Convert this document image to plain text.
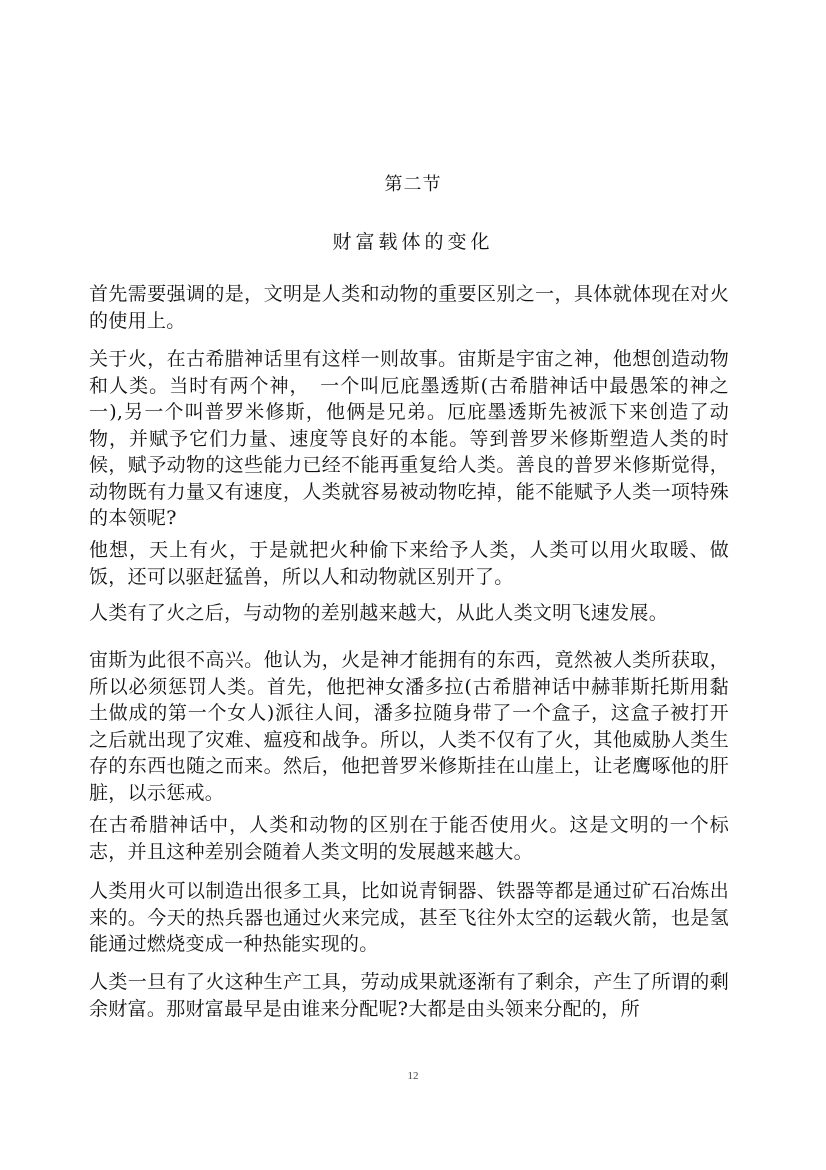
第二节
财富载体的变化

首先需要强调的是，文明是人类和动物的重要区别之一，具体就体现在对火的使用上。

关于火，在古希腊神话里有这样一则故事。宙斯是宇宙之神，他想创造动物和人类。当时有两个神，　一个叫厄庇墨透斯(古希腊神话中最愚笨的神之一),另一个叫普罗米修斯，他俩是兄弟。厄庇墨透斯先被派下来创造了动物，并赋予它们力量、速度等良好的本能。等到普罗米修斯塑造人类的时候，赋予动物的这些能力已经不能再重复给人类。善良的普罗米修斯觉得，动物既有力量又有速度，人类就容易被动物吃掉，能不能赋予人类一项特殊的本领呢?

他想，天上有火，于是就把火种偷下来给予人类，人类可以用火取暖、做饭，还可以驱赶猛兽，所以人和动物就区别开了。

人类有了火之后，与动物的差别越来越大，从此人类文明飞速发展。

宙斯为此很不高兴。他认为，火是神才能拥有的东西，竟然被人类所获取，所以必须惩罚人类。首先，他把神女潘多拉(古希腊神话中赫菲斯托斯用黏土做成的第一个女人)派往人间，潘多拉随身带了一个盒子，这盒子被打开之后就出现了灾难、瘟疫和战争。所以，人类不仅有了火，其他威胁人类生存的东西也随之而来。然后，他把普罗米修斯挂在山崖上，让老鹰啄他的肝脏，以示惩戒。

在古希腊神话中，人类和动物的区别在于能否使用火。这是文明的一个标志，并且这种差别会随着人类文明的发展越来越大。

人类用火可以制造出很多工具，比如说青铜器、铁器等都是通过矿石冶炼出来的。今天的热兵器也通过火来完成，甚至飞往外太空的运载火箭，也是氢能通过燃烧变成一种热能实现的。

人类一旦有了火这种生产工具，劳动成果就逐渐有了剩余，产生了所谓的剩余财富。那财富最早是由谁来分配呢?大都是由头领来分配的，所

12
